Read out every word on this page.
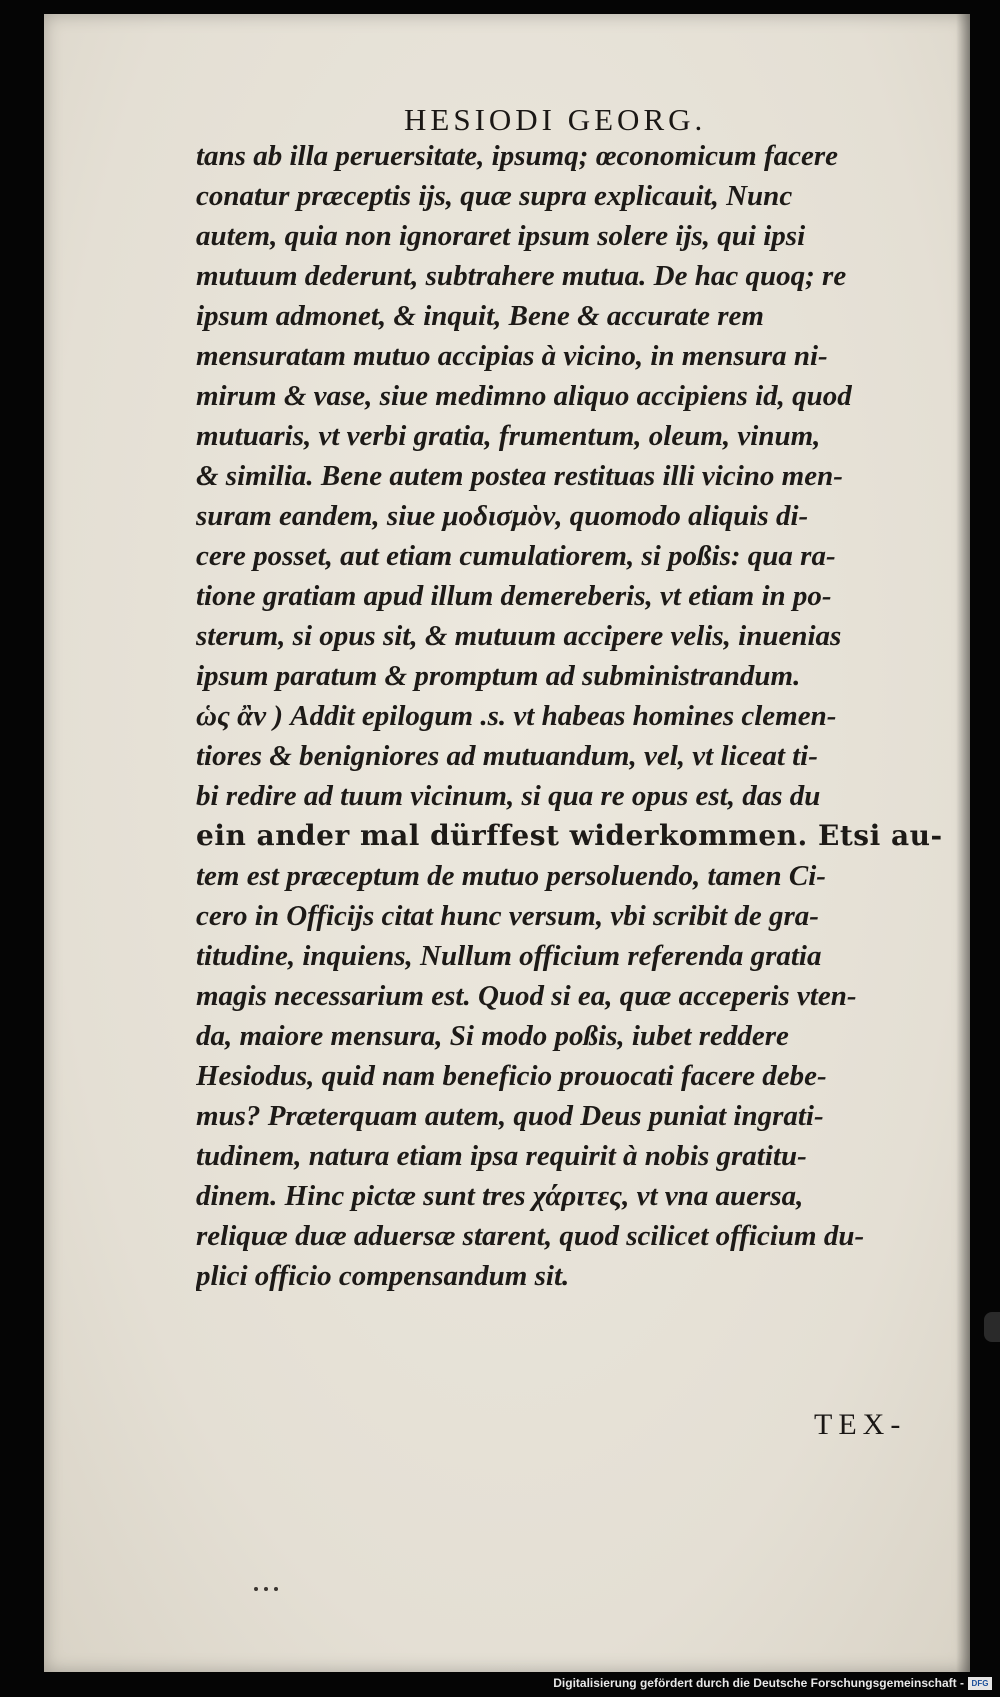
HESIODI GEORG.
TEX-
tans ab illa peruersitate, ipsumq; œconomicum facere
conatur præceptis ijs, quæ supra explicauit, Nunc
autem, quia non ignoraret ipsum solere ijs, qui ipsi
mutuum dederunt, subtrahere mutua. De hac quoq; re
ipsum admonet, & inquit, Bene & accurate rem
mensuratam mutuo accipias à vicino, in mensura ni-
mirum & vase, siue medimno aliquo accipiens id, quod
mutuaris, vt verbi gratia, frumentum, oleum, vinum,
& similia. Bene autem postea restituas illi vicino men-
suram eandem, siue μοδισμὸν, quomodo aliquis di-
cere posset, aut etiam cumulatiorem, si poßis: qua ra-
tione gratiam apud illum demereberis, vt etiam in po-
sterum, si opus sit, & mutuum accipere velis, inuenias
ipsum paratum & promptum ad subministrandum.
ὡς ἂν ) Addit epilogum .s. vt habeas homines clemen-
tiores & benigniores ad mutuandum, vel, vt liceat ti-
bi redire ad tuum vicinum, si qua re opus est, das du
ein ander mal dürffest widerkommen. Etsi au-
tem est præceptum de mutuo persoluendo, tamen Ci-
cero in Officijs citat hunc versum, vbi scribit de gra-
titudine, inquiens, Nullum officium referenda gratia
magis necessarium est. Quod si ea, quæ acceperis vten-
da, maiore mensura, Si modo poßis, iubet reddere
Hesiodus, quid nam beneficio prouocati facere debe-
mus? Præterquam autem, quod Deus puniat ingrati-
tudinem, natura etiam ipsa requirit à nobis gratitu-
dinem. Hinc pictæ sunt tres χάριτες, vt vna auersa,
reliquæ duæ aduersæ starent, quod scilicet officium du-
plici officio compensandum sit.
Digitalisierung gefördert durch die Deutsche Forschungsgemeinschaft - DFG
